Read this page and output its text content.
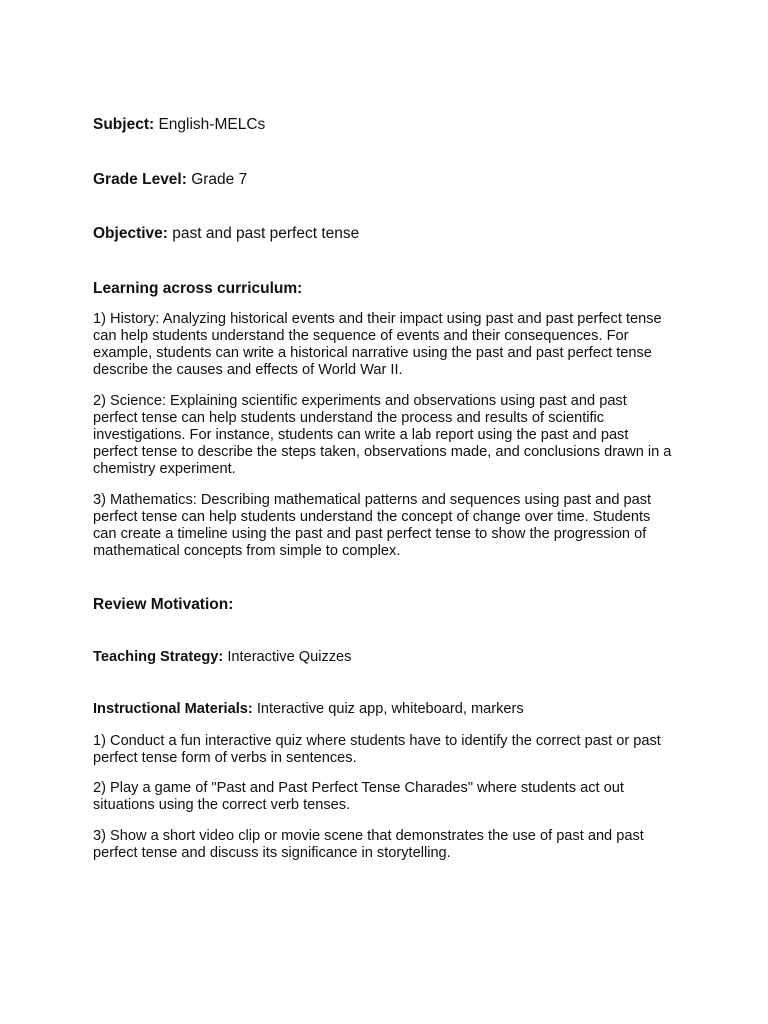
Subject: English-MELCs
Grade Level: Grade 7
Objective: past and past perfect tense
Learning across curriculum:

1) History: Analyzing historical events and their impact using past and past perfect tense can help students understand the sequence of events and their consequences. For example, students can write a historical narrative using the past and past perfect tense describe the causes and effects of World War II.

2) Science: Explaining scientific experiments and observations using past and past perfect tense can help students understand the process and results of scientific investigations. For instance, students can write a lab report using the past and past perfect tense to describe the steps taken, observations made, and conclusions drawn in a chemistry experiment.

3) Mathematics: Describing mathematical patterns and sequences using past and past perfect tense can help students understand the concept of change over time. Students can create a timeline using the past and past perfect tense to show the progression of mathematical concepts from simple to complex.

Review Motivation:
Teaching Strategy: Interactive Quizzes
Instructional Materials: Interactive quiz app, whiteboard, markers

1) Conduct a fun interactive quiz where students have to identify the correct past or past perfect tense form of verbs in sentences.

2) Play a game of "Past and Past Perfect Tense Charades" where students act out situations using the correct verb tenses.

3) Show a short video clip or movie scene that demonstrates the use of past and past perfect tense and discuss its significance in storytelling.
